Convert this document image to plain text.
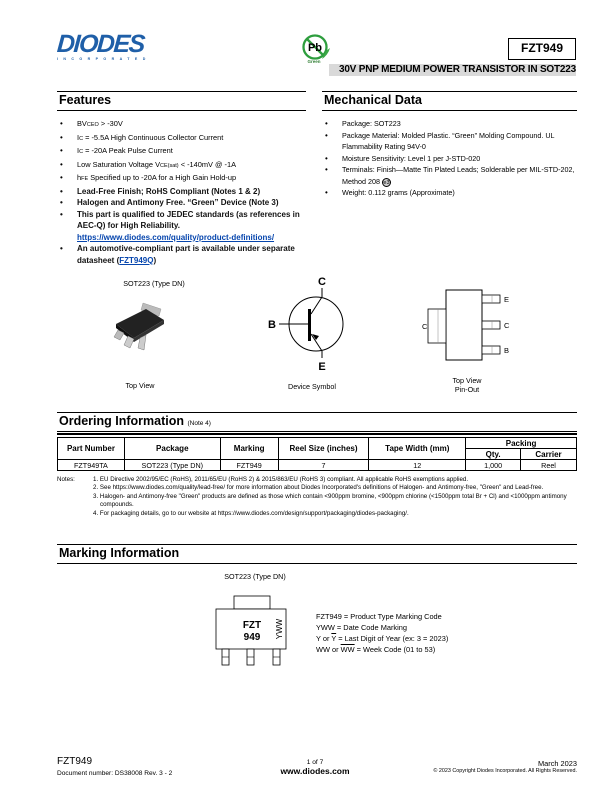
DIODES
INCORPORATED
Pb
Green
FZT949
30V PNP MEDIUM POWER TRANSISTOR IN SOT223
Features
• BVCEO > -30V
• IC = -5.5A High Continuous Collector Current
• IC = -20A Peak Pulse Current
• Low Saturation Voltage VCE(sat) < -140mV @ -1A
• hFE Specified up to -20A for a High Gain Hold-up
• Lead-Free Finish; RoHS Compliant (Notes 1 & 2)
• Halogen and Antimony Free. “Green” Device (Note 3)
• This part is qualified to JEDEC standards (as references in AEC-Q) for High Reliability.
https://www.diodes.com/quality/product-definitions/
• An automotive-compliant part is available under separate datasheet (FZT949Q)
Mechanical Data
• Package: SOT223
• Package Material: Molded Plastic. “Green” Molding Compound. UL Flammability Rating 94V-0
• Moisture Sensitivity: Level 1 per J-STD-020
• Terminals: Finish—Matte Tin Plated Leads; Solderable per MIL-STD-202, Method 208 e3
• Weight: 0.112 grams (Approximate)
SOT223 (Type DN)
Top View
C
B
E
Device Symbol
C
E
C
B
Top View
Pin-Out
Ordering Information (Note 4)
Part Number	Package	Marking	Reel Size (inches)	Tape Width (mm)	Packing	
					Qty.	Carrier
FZT949TA	SOT223 (Type DN)	FZT949	7	12	1,000	Reel
Notes:	1. EU Directive 2002/95/EC (RoHS), 2011/65/EU (RoHS 2) & 2015/863/EU (RoHS 3) compliant. All applicable RoHS exemptions applied.
2. See https://www.diodes.com/quality/lead-free/ for more information about Diodes Incorporated's definitions of Halogen- and Antimony-free, "Green" and Lead-free.
3. Halogen- and Antimony-free "Green" products are defined as those which contain <900ppm bromine, <900ppm chlorine (<1500ppm total Br + Cl) and <1000ppm antimony compounds.
4. For packaging details, go to our website at https://www.diodes.com/design/support/packaging/diodes-packaging/.
Marking Information
SOT223 (Type DN)
FZT
949 YWW
FZT949 = Product Type Marking Code
YWW = Date Code Marking
Y or $\overline{Y}$ = Last Digit of Year (ex: 3 = 2023)
WW or $\overline{WW}$ = Week Code (01 to 53)
FZT949
Document number: DS38008 Rev. 3 - 2
1 of 7
www.diodes.com
March 2023
© 2023 Copyright Diodes Incorporated. All Rights Reserved.
